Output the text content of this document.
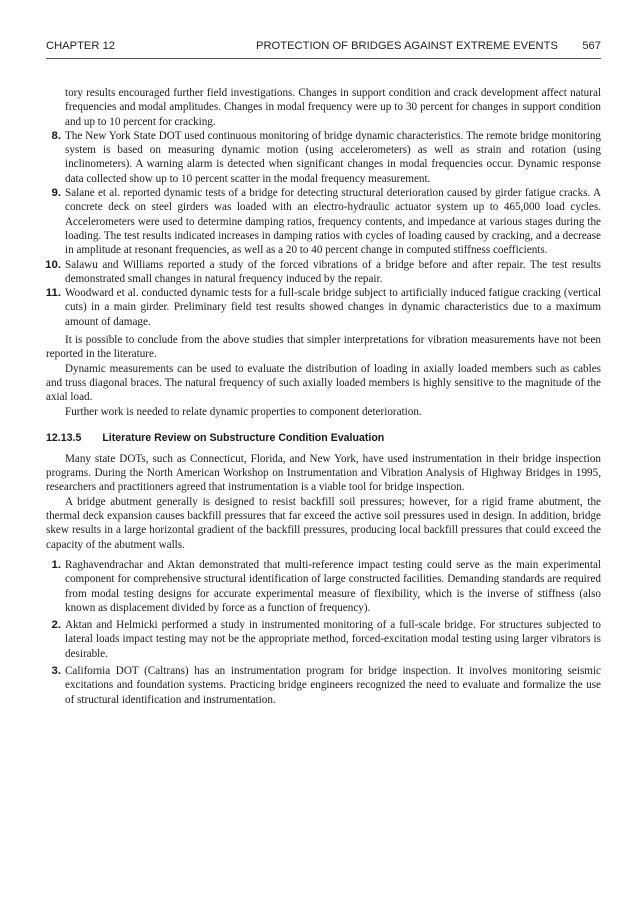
CHAPTER 12	PROTECTION OF BRIDGES AGAINST EXTREME EVENTS 567

tory results encouraged further field investigations. Changes in support condition and crack development affect natural frequencies and modal amplitudes. Changes in modal frequency were up to 30 percent for changes in support condition and up to 10 percent for cracking.

8. The New York State DOT used continuous monitoring of bridge dynamic characteristics. The remote bridge monitoring system is based on measuring dynamic motion (using accelerometers) as well as strain and rotation (using inclinometers). A warning alarm is detected when significant changes in modal frequencies occur. Dynamic response data collected show up to 10 percent scatter in the modal frequency measurement.

9. Salane et al. reported dynamic tests of a bridge for detecting structural deterioration caused by girder fatigue cracks. A concrete deck on steel girders was loaded with an electro-hydraulic actuator system up to 465,000 load cycles. Accelerometers were used to determine damping ratios, frequency contents, and impedance at various stages during the loading. The test results indicated increases in damping ratios with cycles of loading caused by cracking, and a decrease in amplitude at resonant frequencies, as well as a 20 to 40 percent change in computed stiffness coefficients.

10. Salawu and Williams reported a study of the forced vibrations of a bridge before and after repair. The test results demonstrated small changes in natural frequency induced by the repair.

11. Woodward et al. conducted dynamic tests for a full-scale bridge subject to artificially induced fatigue cracking (vertical cuts) in a main girder. Preliminary field test results showed changes in dynamic characteristics due to a maximum amount of damage.

It is possible to conclude from the above studies that simpler interpretations for vibration measurements have not been reported in the literature.

Dynamic measurements can be used to evaluate the distribution of loading in axially loaded members such as cables and truss diagonal braces. The natural frequency of such axially loaded members is highly sensitive to the magnitude of the axial load.

Further work is needed to relate dynamic properties to component deterioration.

12.13.5 Literature Review on Substructure Condition Evaluation

Many state DOTs, such as Connecticut, Florida, and New York, have used instrumentation in their bridge inspection programs. During the North American Workshop on Instrumentation and Vibration Analysis of Highway Bridges in 1995, researchers and practitioners agreed that instrumentation is a viable tool for bridge inspection.

A bridge abutment generally is designed to resist backfill soil pressures; however, for a rigid frame abutment, the thermal deck expansion causes backfill pressures that far exceed the active soil pressures used in design. In addition, bridge skew results in a large horizontal gradient of the backfill pressures, producing local backfill pressures that could exceed the capacity of the abutment walls.

1. Raghavendrachar and Aktan demonstrated that multi-reference impact testing could serve as the main experimental component for comprehensive structural identification of large constructed facilities. Demanding standards are required from modal testing designs for accurate experimental measure of flexibility, which is the inverse of stiffness (also known as displacement divided by force as a function of frequency).

2. Aktan and Helmicki performed a study in instrumented monitoring of a full-scale bridge. For structures subjected to lateral loads impact testing may not be the appropriate method, forced-excitation modal testing using larger vibrators is desirable.

3. California DOT (Caltrans) has an instrumentation program for bridge inspection. It involves monitoring seismic excitations and foundation systems. Practicing bridge engineers recognized the need to evaluate and formalize the use of structural identification and instrumentation.
